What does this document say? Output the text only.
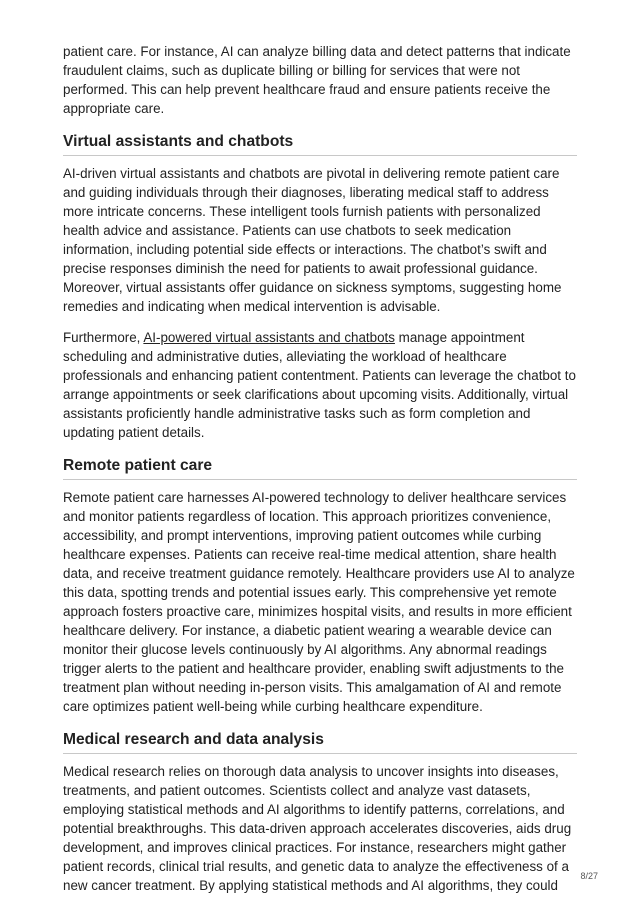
patient care. For instance, AI can analyze billing data and detect patterns that indicate fraudulent claims, such as duplicate billing or billing for services that were not performed. This can help prevent healthcare fraud and ensure patients receive the appropriate care.

Virtual assistants and chatbots

AI-driven virtual assistants and chatbots are pivotal in delivering remote patient care and guiding individuals through their diagnoses, liberating medical staff to address more intricate concerns. These intelligent tools furnish patients with personalized health advice and assistance. Patients can use chatbots to seek medication information, including potential side effects or interactions. The chatbot’s swift and precise responses diminish the need for patients to await professional guidance. Moreover, virtual assistants offer guidance on sickness symptoms, suggesting home remedies and indicating when medical intervention is advisable.

Furthermore, AI-powered virtual assistants and chatbots manage appointment scheduling and administrative duties, alleviating the workload of healthcare professionals and enhancing patient contentment. Patients can leverage the chatbot to arrange appointments or seek clarifications about upcoming visits. Additionally, virtual assistants proficiently handle administrative tasks such as form completion and updating patient details.

Remote patient care

Remote patient care harnesses AI-powered technology to deliver healthcare services and monitor patients regardless of location. This approach prioritizes convenience, accessibility, and prompt interventions, improving patient outcomes while curbing healthcare expenses. Patients can receive real-time medical attention, share health data, and receive treatment guidance remotely. Healthcare providers use AI to analyze this data, spotting trends and potential issues early. This comprehensive yet remote approach fosters proactive care, minimizes hospital visits, and results in more efficient healthcare delivery. For instance, a diabetic patient wearing a wearable device can monitor their glucose levels continuously by AI algorithms. Any abnormal readings trigger alerts to the patient and healthcare provider, enabling swift adjustments to the treatment plan without needing in-person visits. This amalgamation of AI and remote care optimizes patient well-being while curbing healthcare expenditure.

Medical research and data analysis

Medical research relies on thorough data analysis to uncover insights into diseases, treatments, and patient outcomes. Scientists collect and analyze vast datasets, employing statistical methods and AI algorithms to identify patterns, correlations, and potential breakthroughs. This data-driven approach accelerates discoveries, aids drug development, and improves clinical practices. For instance, researchers might gather patient records, clinical trial results, and genetic data to analyze the effectiveness of a new cancer treatment. By applying statistical methods and AI algorithms, they could

8/27
